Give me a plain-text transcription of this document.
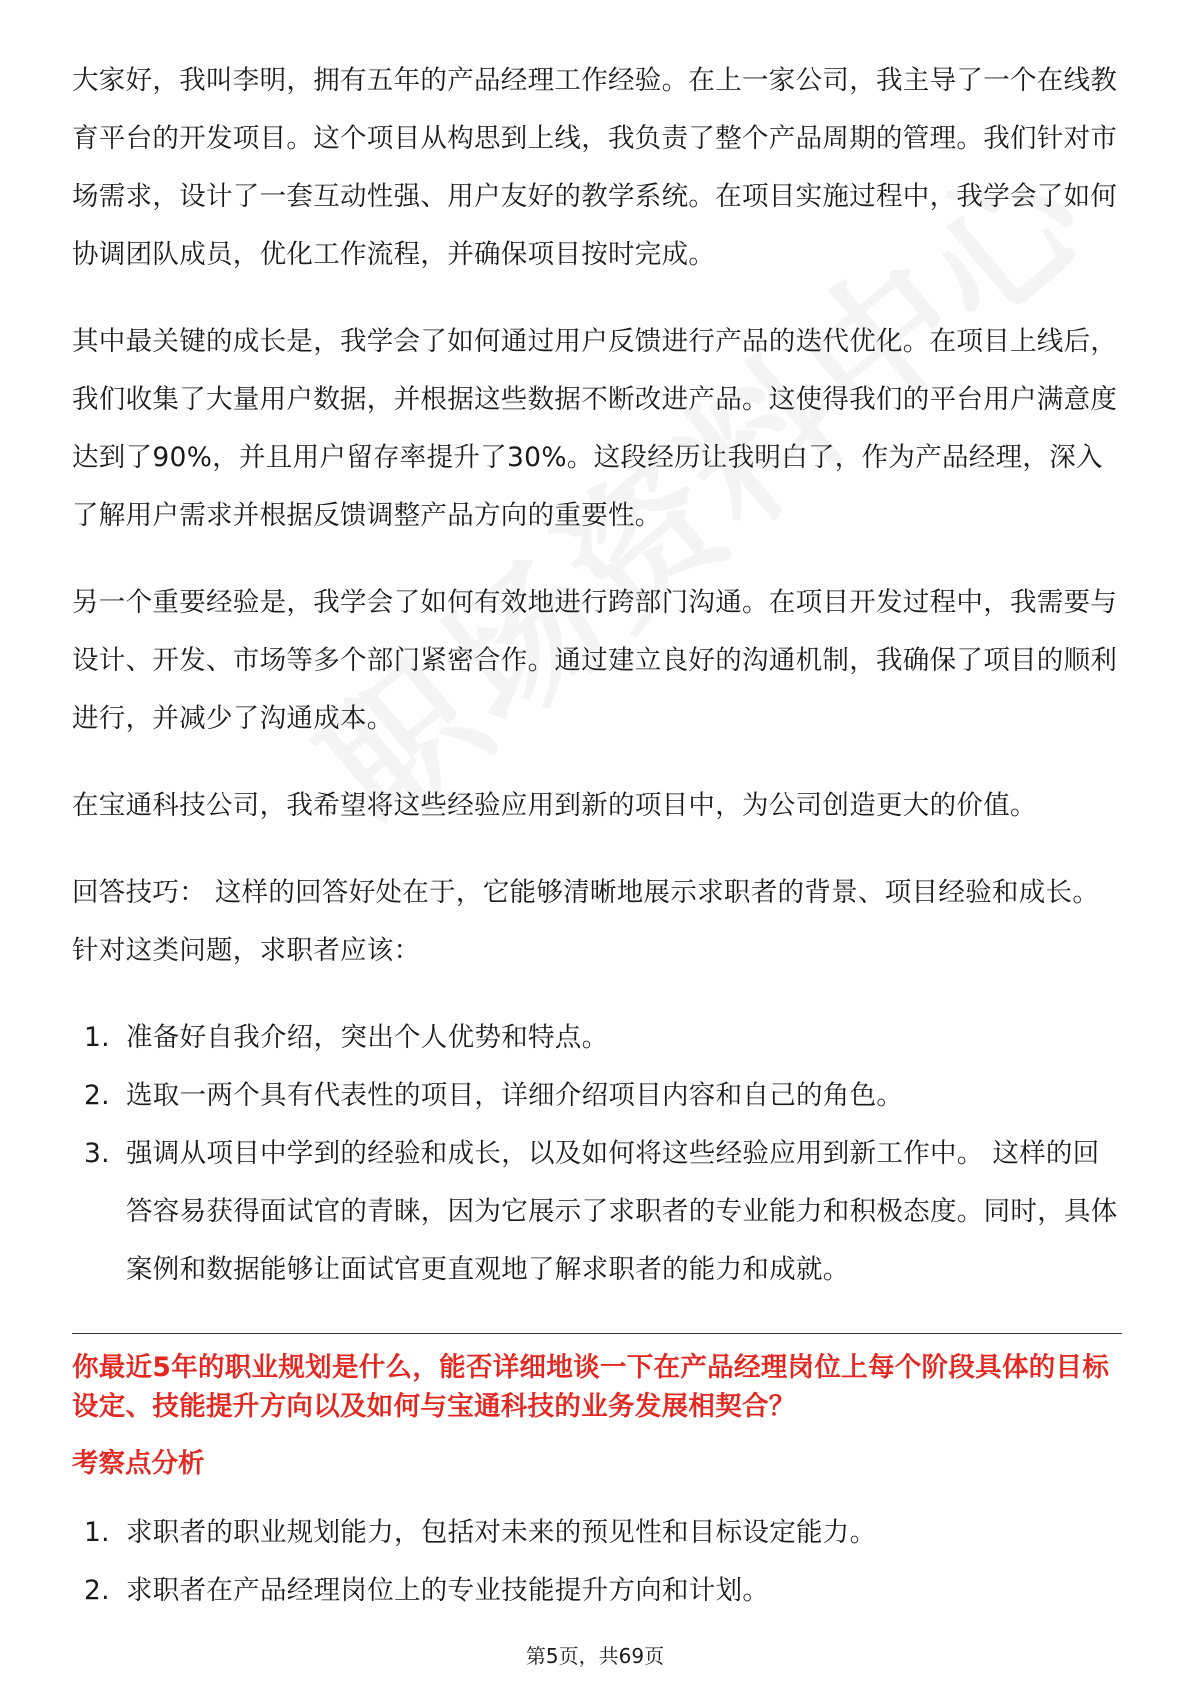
大家好，我叫李明，拥有五年的产品经理工作经验。在上一家公司，我主导了一个在线教育平台的开发项目。这个项目从构思到上线，我负责了整个产品周期的管理。我们针对市场需求，设计了一套互动性强、用户友好的教学系统。在项目实施过程中，我学会了如何协调团队成员，优化工作流程，并确保项目按时完成。

其中最关键的成长是，我学会了如何通过用户反馈进行产品的迭代优化。在项目上线后，我们收集了大量用户数据，并根据这些数据不断改进产品。这使得我们的平台用户满意度达到了90%，并且用户留存率提升了30%。这段经历让我明白了，作为产品经理，深入了解用户需求并根据反馈调整产品方向的重要性。

另一个重要经验是，我学会了如何有效地进行跨部门沟通。在项目开发过程中，我需要与设计、开发、市场等多个部门紧密合作。通过建立良好的沟通机制，我确保了项目的顺利进行，并减少了沟通成本。

在宝通科技公司，我希望将这些经验应用到新的项目中，为公司创造更大的价值。

回答技巧： 这样的回答好处在于，它能够清晰地展示求职者的背景、项目经验和成长。针对这类问题，求职者应该：

1. 准备好自我介绍，突出个人优势和特点。
2. 选取一两个具有代表性的项目，详细介绍项目内容和自己的角色。
3. 强调从项目中学到的经验和成长，以及如何将这些经验应用到新工作中。 这样的回答容易获得面试官的青睐，因为它展示了求职者的专业能力和积极态度。同时，具体案例和数据能够让面试官更直观地了解求职者的能力和成就。
你最近5年的职业规划是什么，能否详细地谈一下在产品经理岗位上每个阶段具体的目标设定、技能提升方向以及如何与宝通科技的业务发展相契合？
考察点分析
1. 求职者的职业规划能力，包括对未来的预见性和目标设定能力。
2. 求职者在产品经理岗位上的专业技能提升方向和计划。
第5页，共69页
